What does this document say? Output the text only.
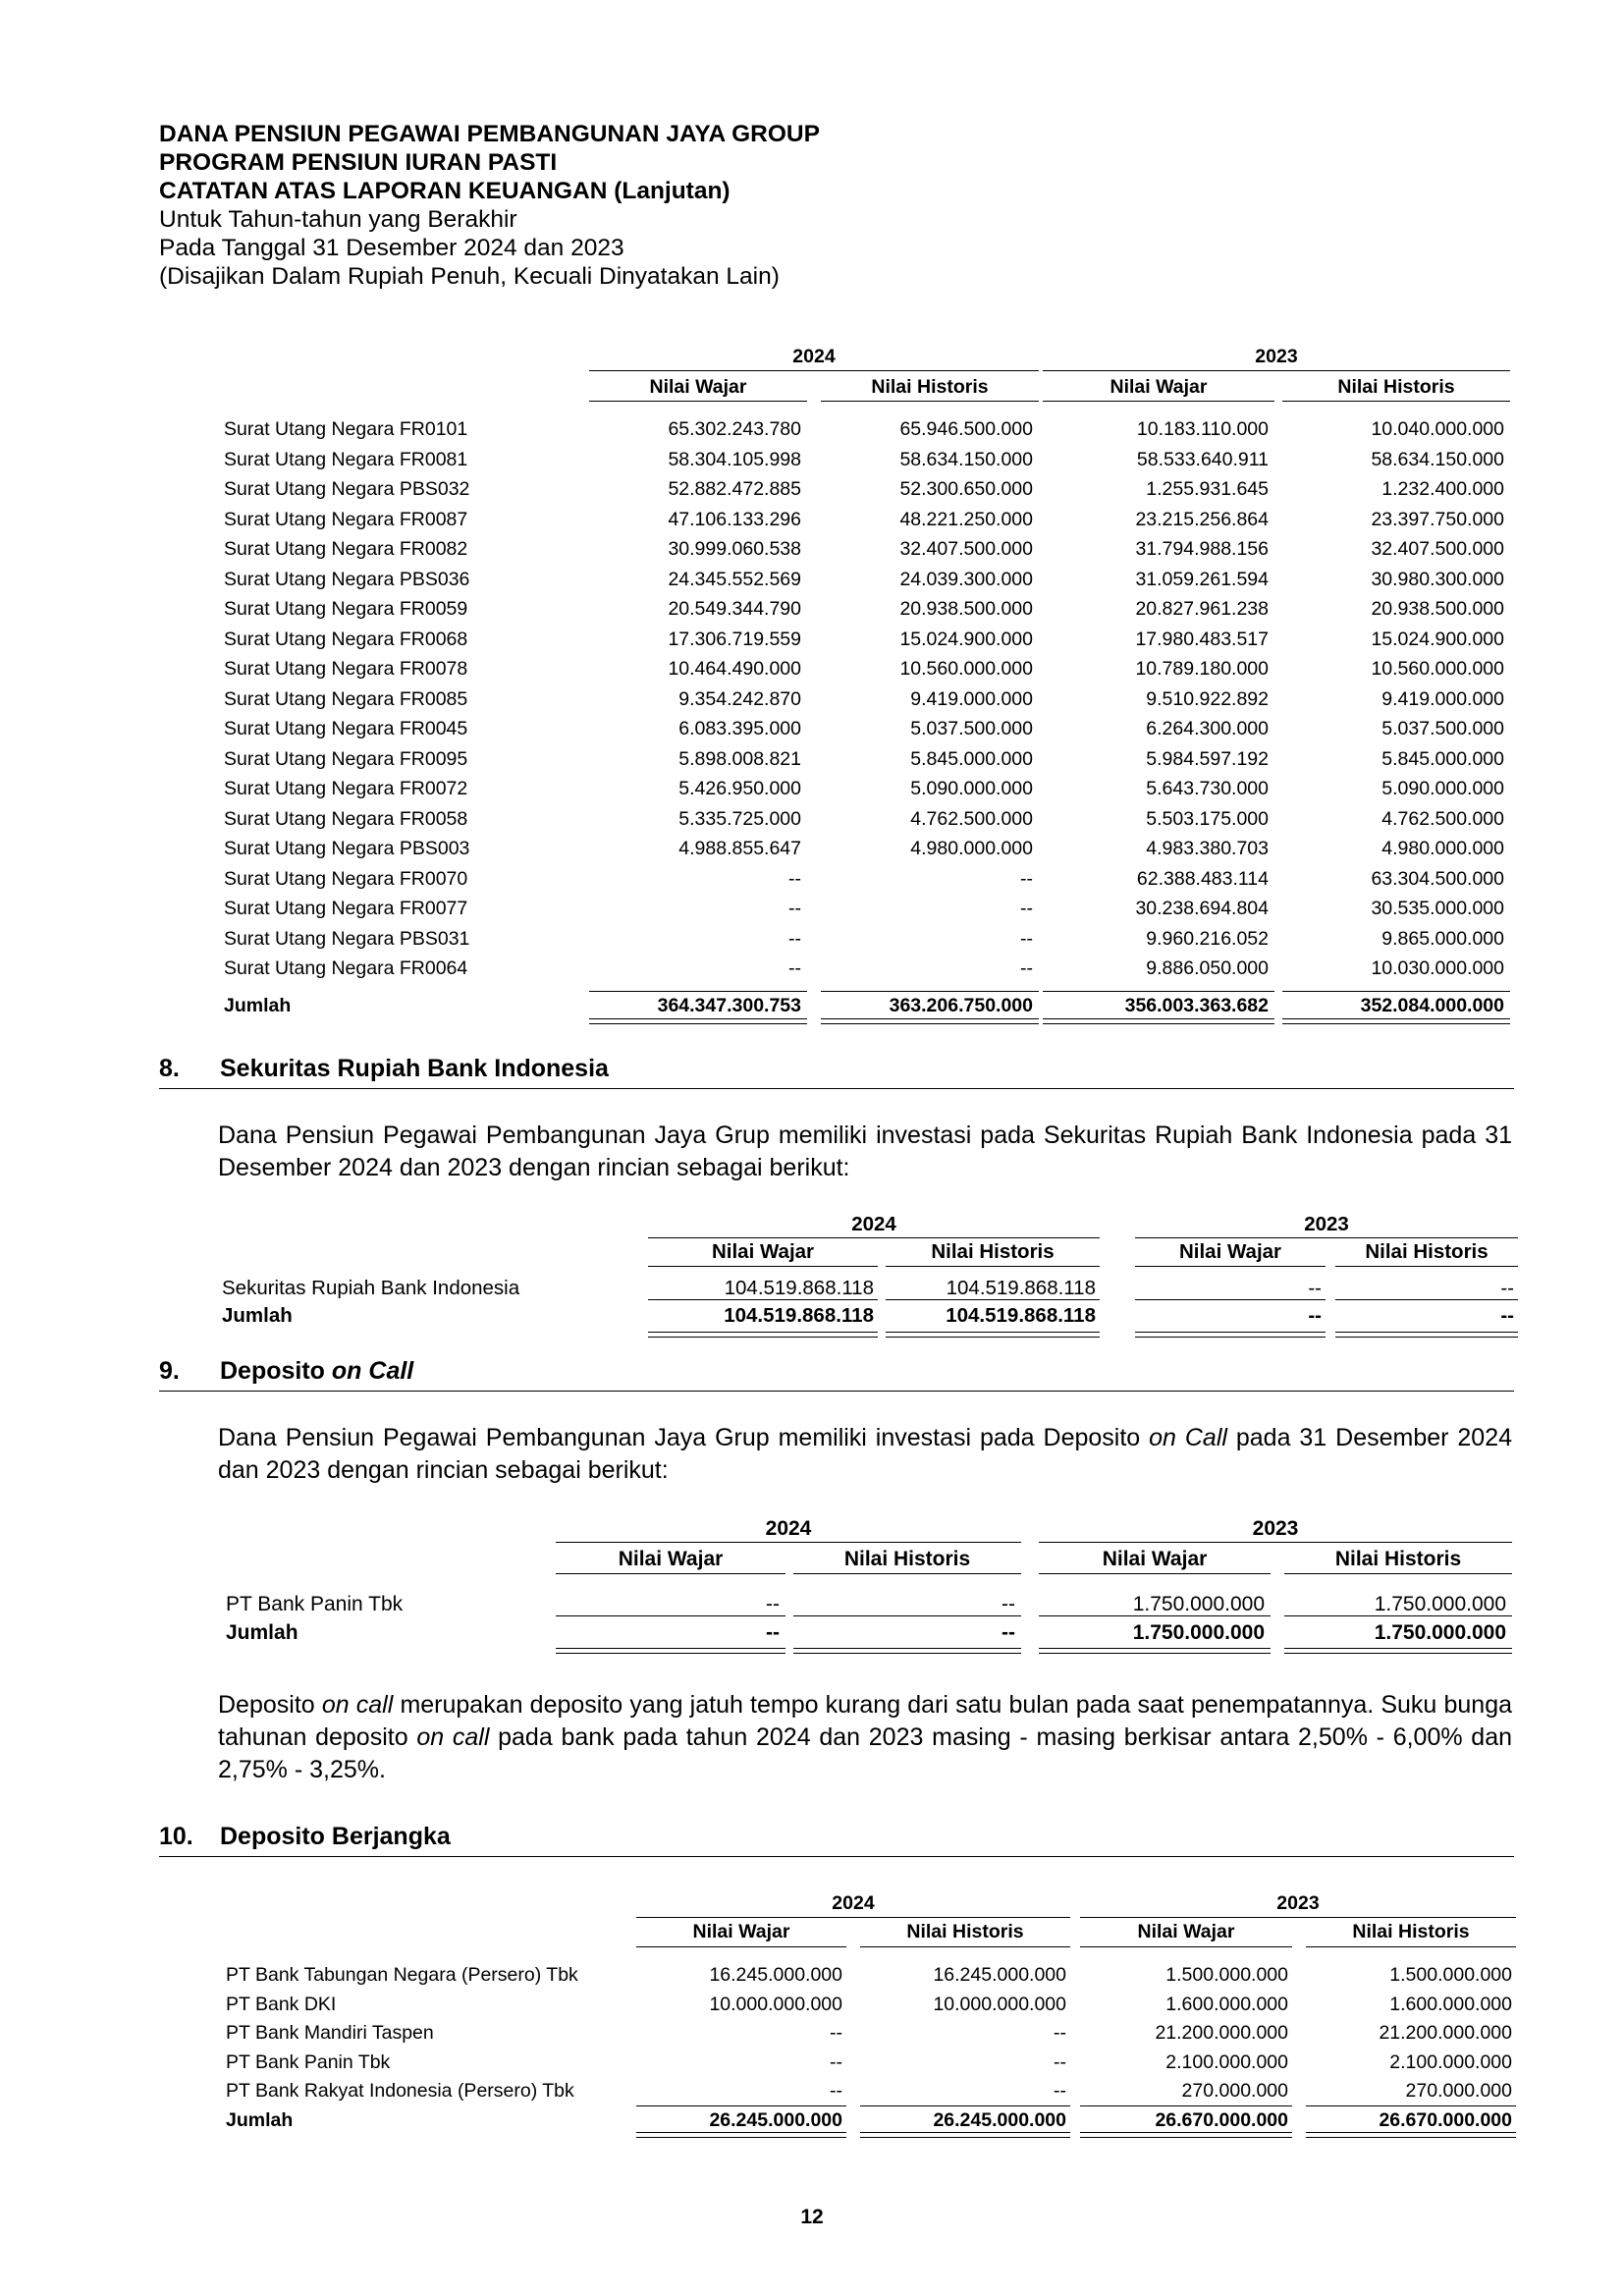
DANA PENSIUN PEGAWAI PEMBANGUNAN JAYA GROUP
PROGRAM PENSIUN IURAN PASTI
CATATAN ATAS LAPORAN KEUANGAN (Lanjutan)
Untuk Tahun-tahun yang Berakhir
Pada Tanggal 31 Desember 2024 dan 2023
(Disajikan Dalam Rupiah Penuh, Kecuali Dinyatakan Lain)
2024	2023
Nilai Wajar	Nilai Historis	Nilai Wajar	Nilai Historis
Surat Utang Negara FR0101	65.302.243.780	65.946.500.000	10.183.110.000	10.040.000.000
Surat Utang Negara FR0081	58.304.105.998	58.634.150.000	58.533.640.911	58.634.150.000
Surat Utang Negara PBS032	52.882.472.885	52.300.650.000	1.255.931.645	1.232.400.000
Surat Utang Negara FR0087	47.106.133.296	48.221.250.000	23.215.256.864	23.397.750.000
Surat Utang Negara FR0082	30.999.060.538	32.407.500.000	31.794.988.156	32.407.500.000
Surat Utang Negara PBS036	24.345.552.569	24.039.300.000	31.059.261.594	30.980.300.000
Surat Utang Negara FR0059	20.549.344.790	20.938.500.000	20.827.961.238	20.938.500.000
Surat Utang Negara FR0068	17.306.719.559	15.024.900.000	17.980.483.517	15.024.900.000
Surat Utang Negara FR0078	10.464.490.000	10.560.000.000	10.789.180.000	10.560.000.000
Surat Utang Negara FR0085	9.354.242.870	9.419.000.000	9.510.922.892	9.419.000.000
Surat Utang Negara FR0045	6.083.395.000	5.037.500.000	6.264.300.000	5.037.500.000
Surat Utang Negara FR0095	5.898.008.821	5.845.000.000	5.984.597.192	5.845.000.000
Surat Utang Negara FR0072	5.426.950.000	5.090.000.000	5.643.730.000	5.090.000.000
Surat Utang Negara FR0058	5.335.725.000	4.762.500.000	5.503.175.000	4.762.500.000
Surat Utang Negara PBS003	4.988.855.647	4.980.000.000	4.983.380.703	4.980.000.000
Surat Utang Negara FR0070	--	--	62.388.483.114	63.304.500.000
Surat Utang Negara FR0077	--	--	30.238.694.804	30.535.000.000
Surat Utang Negara PBS031	--	--	9.960.216.052	9.865.000.000
Surat Utang Negara FR0064	--	--	9.886.050.000	10.030.000.000
Jumlah	364.347.300.753	363.206.750.000	356.003.363.682	352.084.000.000
8. Sekuritas Rupiah Bank Indonesia
Dana Pensiun Pegawai Pembangunan Jaya Grup memiliki investasi pada Sekuritas Rupiah Bank Indonesia pada 31 Desember 2024 dan 2023 dengan rincian sebagai berikut:
2024	2023
Nilai Wajar	Nilai Historis	Nilai Wajar	Nilai Historis
Sekuritas Rupiah Bank Indonesia	104.519.868.118	104.519.868.118	--	--
Jumlah	104.519.868.118	104.519.868.118	--	--
9. Deposito on Call
Dana Pensiun Pegawai Pembangunan Jaya Grup memiliki investasi pada Deposito on Call pada 31 Desember 2024 dan 2023 dengan rincian sebagai berikut:
2024	2023
Nilai Wajar	Nilai Historis	Nilai Wajar	Nilai Historis
PT Bank Panin Tbk	--	--	1.750.000.000	1.750.000.000
Jumlah	--	--	1.750.000.000	1.750.000.000
Deposito on call merupakan deposito yang jatuh tempo kurang dari satu bulan pada saat penempatannya. Suku bunga tahunan deposito on call pada bank pada tahun 2024 dan 2023 masing - masing berkisar antara 2,50% - 6,00% dan 2,75% - 3,25%.
10. Deposito Berjangka
2024	2023
Nilai Wajar	Nilai Historis	Nilai Wajar	Nilai Historis
PT Bank Tabungan Negara (Persero) Tbk	16.245.000.000	16.245.000.000	1.500.000.000	1.500.000.000
PT Bank DKI	10.000.000.000	10.000.000.000	1.600.000.000	1.600.000.000
PT Bank Mandiri Taspen	--	--	21.200.000.000	21.200.000.000
PT Bank Panin Tbk	--	--	2.100.000.000	2.100.000.000
PT Bank Rakyat Indonesia (Persero) Tbk	--	--	270.000.000	270.000.000
Jumlah	26.245.000.000	26.245.000.000	26.670.000.000	26.670.000.000
12
